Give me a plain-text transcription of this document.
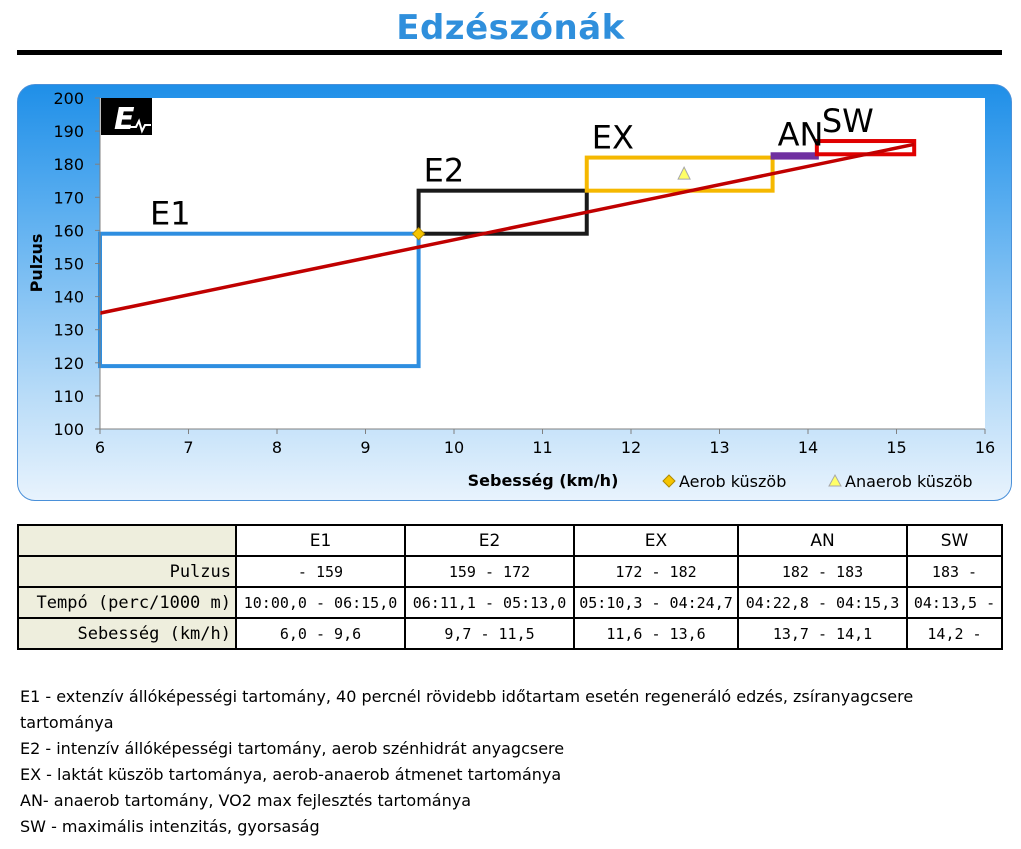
Edzészónák
6	7	8	9	10	11	12	13	14	15	16
100
110
120
130
140
150
160
170
180
190
200
E1
E2
EX	AN
SW
E
Sebesség (km/h)
Pulzus
Aerob küszöb	Anaerob küszöb
	E1	E2	EX	AN	SW
Pulzus	- 159	159 - 172	172 - 182	182 - 183	183 -
Tempó (perc/1000 m)	10:00,0 - 06:15,0	06:11,1 - 05:13,0	05:10,3 - 04:24,7	04:22,8 - 04:15,3	04:13,5 -
Sebesség (km/h)	6,0 - 9,6	9,7 - 11,5	11,6 - 13,6	13,7 - 14,1	14,2 -

E1 - extenzív állóképességi tartomány, 40 percnél rövidebb időtartam esetén regeneráló edzés, zsíranyagcsere tartománya

E2 - intenzív állóképességi tartomány, aerob szénhidrát anyagcsere

EX - laktát küszöb tartománya, aerob-anaerob átmenet tartománya

AN- anaerob tartomány, VO2 max fejlesztés tartománya

SW - maximális intenzitás, gyorsaság
